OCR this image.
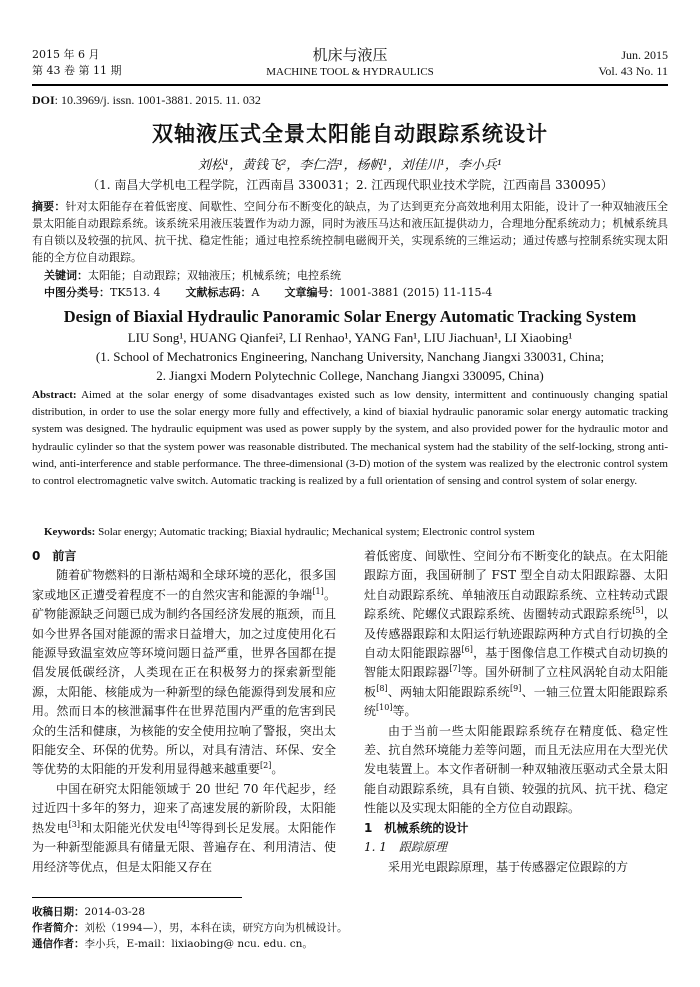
2015 年 6 月
第 43 卷 第 11 期
机床与液压
MACHINE TOOL & HYDRAULICS
Jun. 2015
Vol. 43 No. 11
DOI: 10.3969/j. issn. 1001-3881. 2015. 11. 032
双轴液压式全景太阳能自动跟踪系统设计
刘松¹，黄钱飞²，李仁浩¹，杨帆¹，刘佳川¹，李小兵¹
（1. 南昌大学机电工程学院，江西南昌 330031；2. 江西现代职业技术学院，江西南昌 330095）
摘要：针对太阳能存在着低密度、间歇性、空间分布不断变化的缺点，为了达到更充分高效地利用太阳能，设计了一种双轴液压全景太阳能自动跟踪系统。该系统采用液压装置作为动力源，同时为液压马达和液压缸提供动力，合理地分配系统动力；机械系统具有自锁以及较强的抗风、抗干扰、稳定性能；通过电控系统控制电磁阀开关，实现系统的三维运动；通过传感与控制系统实现太阳能的全方位自动跟踪。
关键词：太阳能；自动跟踪；双轴液压；机械系统；电控系统
中图分类号：TK513. 4 文献标志码：A 文章编号：1001-3881 (2015) 11-115-4
Design of Biaxial Hydraulic Panoramic Solar Energy Automatic Tracking System
LIU Song¹, HUANG Qianfei², LI Renhao¹, YANG Fan¹, LIU Jiachuan¹, LI Xiaobing¹
(1. School of Mechatronics Engineering, Nanchang University, Nanchang Jiangxi 330031, China;
2. Jiangxi Modern Polytechnic College, Nanchang Jiangxi 330095, China)
Abstract: Aimed at the solar energy of some disadvantages existed such as low density, intermittent and continuously changing spatial distribution, in order to use the solar energy more fully and effectively, a kind of biaxial hydraulic panoramic solar energy automatic tracking system was designed. The hydraulic equipment was used as power supply by the system, and also provided power for the hydraulic motor and hydraulic cylinder so that the system power was reasonable distributed. The mechanical system had the stability of the self-locking, strong anti-wind, anti-interference and stable performance. The three-dimensional (3-D) motion of the system was realized by the electronic control system to control electromagnetic valve switch. Automatic tracking is realized by a full orientation of sensing and control system of solar energy.
Keywords: Solar energy; Automatic tracking; Biaxial hydraulic; Mechanical system; Electronic control system

0　前言

随着矿物燃料的日渐枯竭和全球环境的恶化，很多国家或地区正遭受着程度不一的自然灾害和能源的争端[1]。矿物能源缺乏问题已成为制约各国经济发展的瓶颈，而且如今世界各国对能源的需求日益增大，加之过度使用化石能源导致温室效应等环境问题日益严重，世界各国都在提倡发展低碳经济，人类现在正在积极努力的探索新型能源，太阳能、核能成为一种新型的绿色能源得到发展和应用。然而日本的核泄漏事件在世界范围内严重的危害到民众的生活和健康，为核能的安全使用拉响了警报，突出太阳能安全、环保的优势。所以，对具有清洁、环保、安全等优势的太阳能的开发利用显得越来越重要[2]。

中国在研究太阳能领域于 20 世纪 70 年代起步，经过近四十多年的努力，迎来了高速发展的新阶段，太阳能热发电[3]和太阳能光伏发电[4]等得到长足发展。太阳能作为一种新型能源具有储量无限、普遍存在、利用清洁、使用经济等优点，但是太阳能又存在

着低密度、间歇性、空间分布不断变化的缺点。在太阳能跟踪方面，我国研制了 FST 型全自动太阳跟踪器、太阳灶自动跟踪系统、单轴液压自动跟踪系统、立柱转动式跟踪系统、陀螺仪式跟踪系统、齿圈转动式跟踪系统[5]，以及传感器跟踪和太阳运行轨迹跟踪两种方式自行切换的全自动太阳能跟踪器[6]，基于图像信息工作模式自动切换的智能太阳跟踪器[7]等。国外研制了立柱风涡轮自动太阳能板[8]、两轴太阳能跟踪系统[9]、一轴三位置太阳能跟踪系统[10]等。

由于当前一些太阳能跟踪系统存在精度低、稳定性差、抗自然环境能力差等问题，而且无法应用在大型光伏发电装置上。本文作者研制一种双轴液压驱动式全景太阳能自动跟踪系统，具有自锁、较强的抗风、抗干扰、稳定性能以及实现太阳能的全方位自动跟踪。

1　机械系统的设计

1. 1　跟踪原理

采用光电跟踪原理，基于传感器定位跟踪的方

收稿日期：2014-03-28
作者简介：刘松（1994—），男，本科在读，研究方向为机械设计。
通信作者：李小兵，E-mail：lixiaobing@ ncu. edu. cn。
